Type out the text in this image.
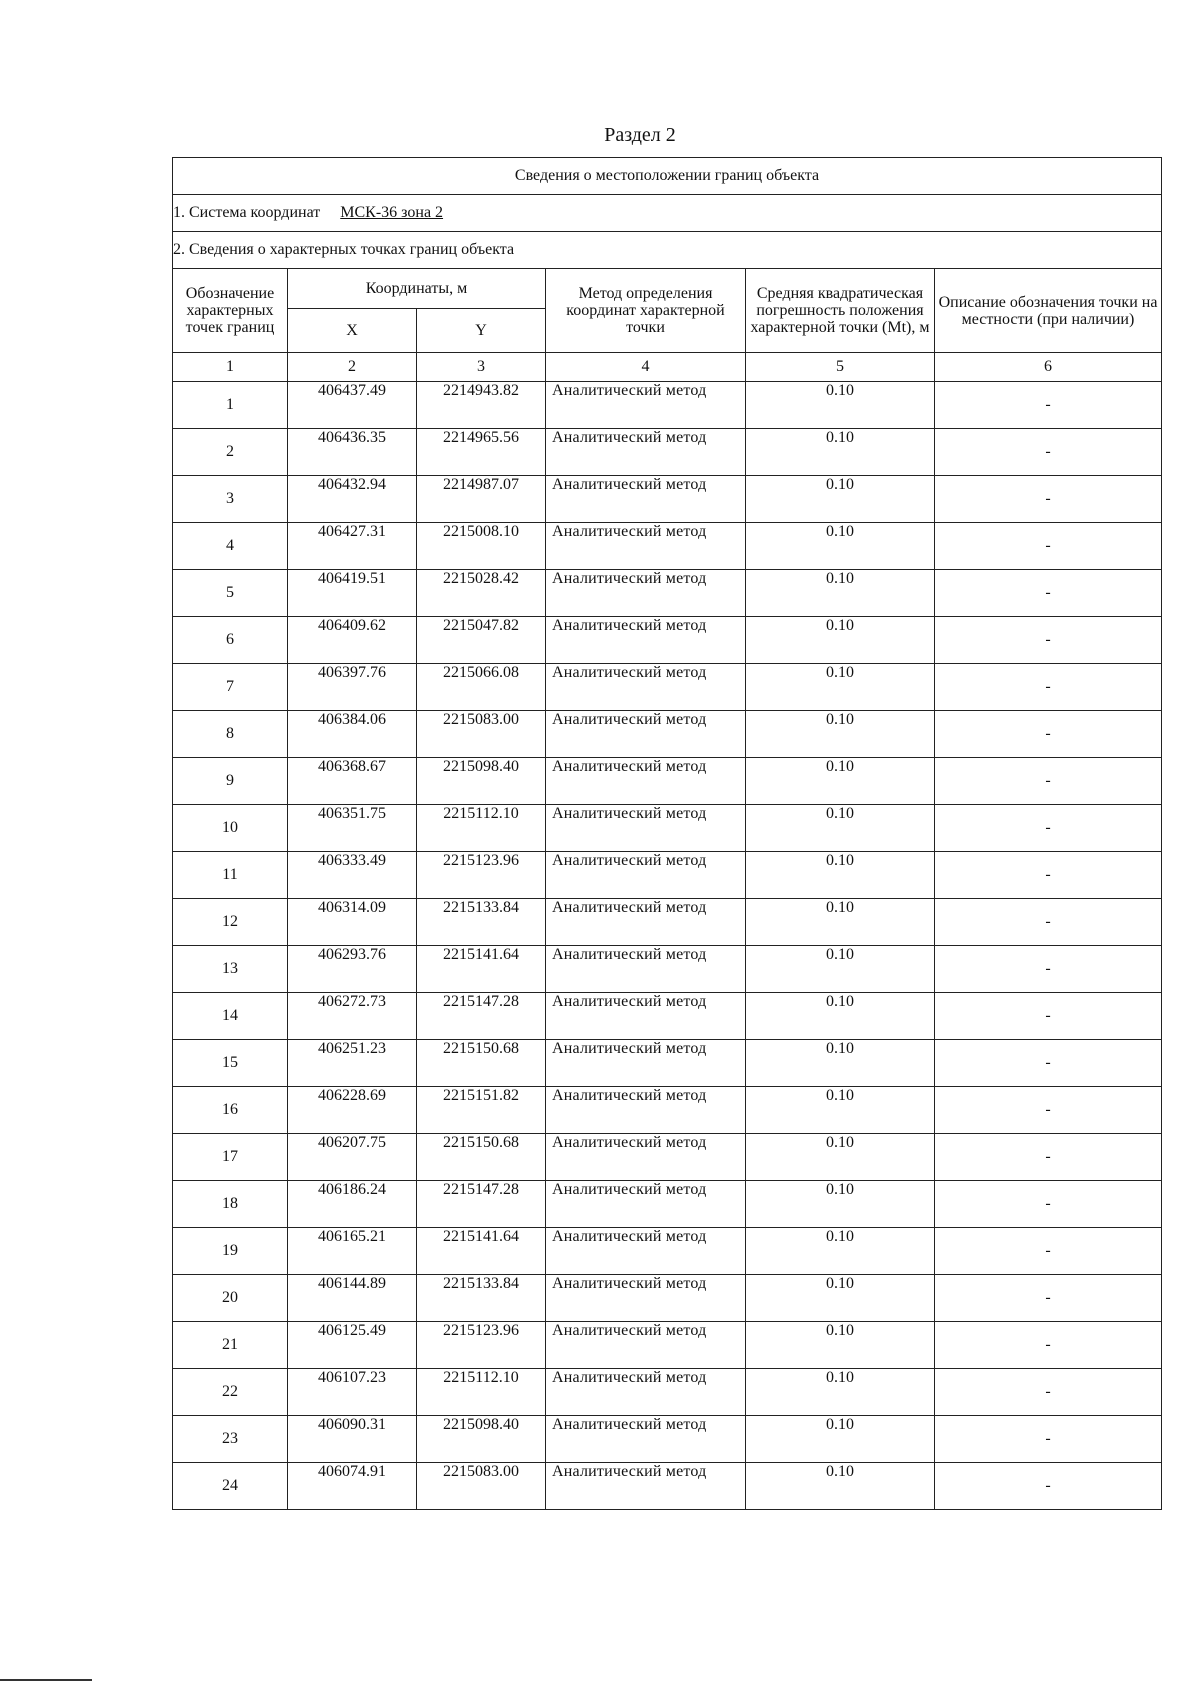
Раздел 2
Сведения о местоположении границ объекта					
1. Система координат МСК-36 зона 2					
2. Сведения о характерных точках границ объекта					
Обозначение характерных точек границ	Координаты, м		Метод определения координат характерной точки	Средняя квадратическая погрешность положения характерной точки (Mt), м	Описание обозначения точки на местности (при наличии)
	X	Y			
1	2	3	4	5	6
1	406437.49	2214943.82	Аналитический метод	0.10	-
2	406436.35	2214965.56	Аналитический метод	0.10	-
3	406432.94	2214987.07	Аналитический метод	0.10	-
4	406427.31	2215008.10	Аналитический метод	0.10	-
5	406419.51	2215028.42	Аналитический метод	0.10	-
6	406409.62	2215047.82	Аналитический метод	0.10	-
7	406397.76	2215066.08	Аналитический метод	0.10	-
8	406384.06	2215083.00	Аналитический метод	0.10	-
9	406368.67	2215098.40	Аналитический метод	0.10	-
10	406351.75	2215112.10	Аналитический метод	0.10	-
11	406333.49	2215123.96	Аналитический метод	0.10	-
12	406314.09	2215133.84	Аналитический метод	0.10	-
13	406293.76	2215141.64	Аналитический метод	0.10	-
14	406272.73	2215147.28	Аналитический метод	0.10	-
15	406251.23	2215150.68	Аналитический метод	0.10	-
16	406228.69	2215151.82	Аналитический метод	0.10	-
17	406207.75	2215150.68	Аналитический метод	0.10	-
18	406186.24	2215147.28	Аналитический метод	0.10	-
19	406165.21	2215141.64	Аналитический метод	0.10	-
20	406144.89	2215133.84	Аналитический метод	0.10	-
21	406125.49	2215123.96	Аналитический метод	0.10	-
22	406107.23	2215112.10	Аналитический метод	0.10	-
23	406090.31	2215098.40	Аналитический метод	0.10	-
24	406074.91	2215083.00	Аналитический метод	0.10	-
